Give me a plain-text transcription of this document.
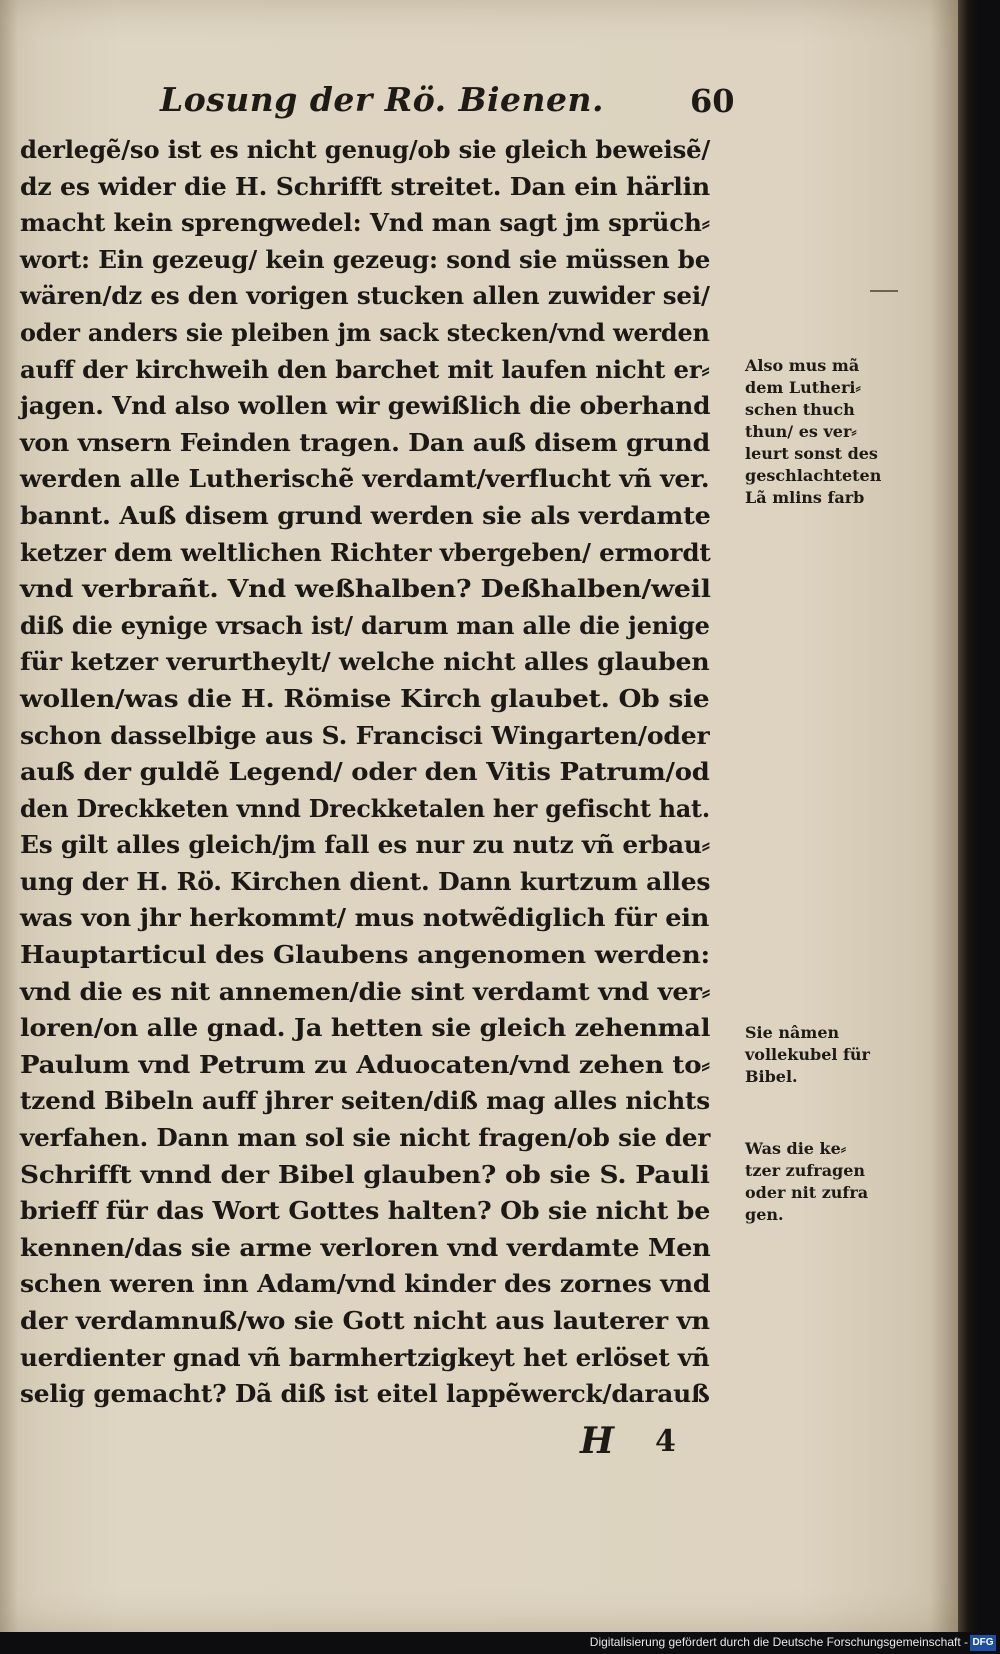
Losung der Rö. Bienen.	60
derlegẽ/so ist es nicht genug/ob sie gleich beweisẽ/
dz es wider die H. Schrifft streitet. Dan ein härlin
macht kein sprengwedel: Vnd man sagt jm sprüch⸗
wort: Ein gezeug/ kein gezeug: sond sie müssen be
wären/dz es den vorigen stucken allen zuwider sei/
oder anders sie pleiben jm sack stecken/vnd werden
auff der kirchweih den barchet mit laufen nicht er⸗
jagen. Vnd also wollen wir gewißlich die oberhand
von vnsern Feinden tragen. Dan auß disem grund
werden alle Lutherischẽ verdamt/verflucht vñ ver.
bannt. Auß disem grund werden sie als verdamte
ketzer dem weltlichen Richter vbergeben/ ermordt
vnd verbrañt. Vnd weßhalben? Deßhalben/weil
diß die eynige vrsach ist/ darum man alle die jenige
für ketzer verurtheylt/ welche nicht alles glauben
wollen/was die H. Römise Kirch glaubet. Ob sie
schon dasselbige aus S. Francisci Wingarten/oder
auß der guldẽ Legend/ oder den Vitis Patrum/od
den Dreckketen vnnd Dreckketalen her gefischt hat.
Es gilt alles gleich/jm fall es nur zu nutz vñ erbau⸗
ung der H. Rö. Kirchen dient. Dann kurtzum alles
was von jhr herkommt/ mus notwẽdiglich für ein
Hauptarticul des Glaubens angenomen werden:
vnd die es nit annemen/die sint verdamt vnd ver⸗
loren/on alle gnad. Ja hetten sie gleich zehenmal
Paulum vnd Petrum zu Aduocaten/vnd zehen to⸗
tzend Bibeln auff jhrer seiten/diß mag alles nichts
verfahen. Dann man sol sie nicht fragen/ob sie der
Schrifft vnnd der Bibel glauben? ob sie S. Pauli
brieff für das Wort Gottes halten? Ob sie nicht be
kennen/das sie arme verloren vnd verdamte Men
schen weren inn Adam/vnd kinder des zornes vnd
der verdamnuß/wo sie Gott nicht aus lauterer vn
uerdienter gnad vñ barmhertzigkeyt het erlöset vñ
selig gemacht? Dã diß ist eitel lappẽwerck/darauß
Also mus mã
dem Lutheri⸗
schen thuch
thun/ es ver⸗
leurt sonst des
geschlachteten
Lã mlins farb
Sie nâmen
vollekubel für
Bibel.
Was die ke⸗
tzer zufragen
oder nit zufra
gen.
H 4
Digitalisierung gefördert durch die Deutsche Forschungsgemeinschaft - DFG
